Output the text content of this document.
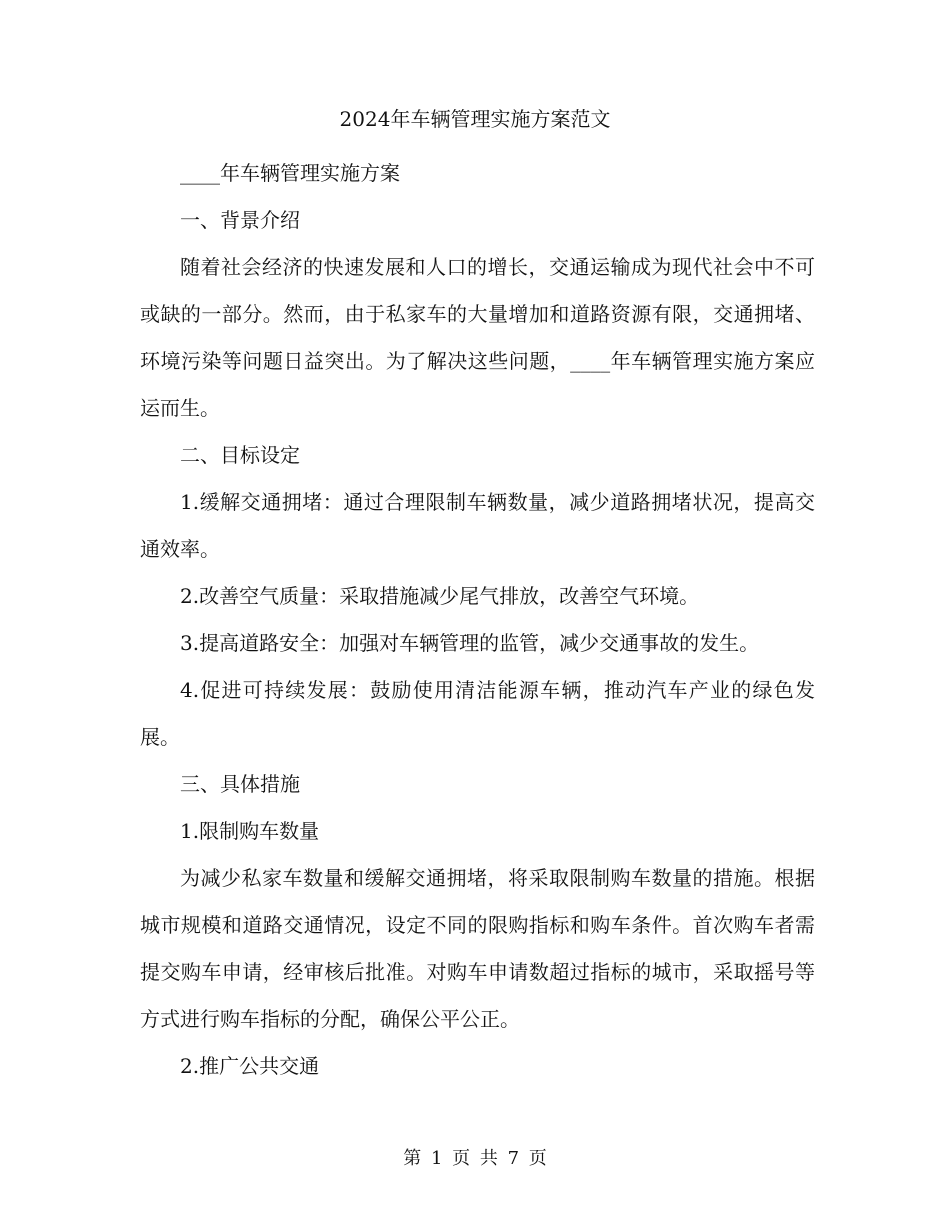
2024年车辆管理实施方案范文

____年车辆管理实施方案

一、背景介绍

随着社会经济的快速发展和人口的增长，交通运输成为现代社会中不可或缺的一部分。然而，由于私家车的大量增加和道路资源有限，交通拥堵、环境污染等问题日益突出。为了解决这些问题，____年车辆管理实施方案应运而生。

二、目标设定

1.缓解交通拥堵：通过合理限制车辆数量，减少道路拥堵状况，提高交通效率。

2.改善空气质量：采取措施减少尾气排放，改善空气环境。

3.提高道路安全：加强对车辆管理的监管，减少交通事故的发生。

4.促进可持续发展：鼓励使用清洁能源车辆，推动汽车产业的绿色发展。

三、具体措施

1.限制购车数量

为减少私家车数量和缓解交通拥堵，将采取限制购车数量的措施。根据城市规模和道路交通情况，设定不同的限购指标和购车条件。首次购车者需提交购车申请，经审核后批准。对购车申请数超过指标的城市，采取摇号等方式进行购车指标的分配，确保公平公正。

2.推广公共交通

第 1 页 共 7 页
